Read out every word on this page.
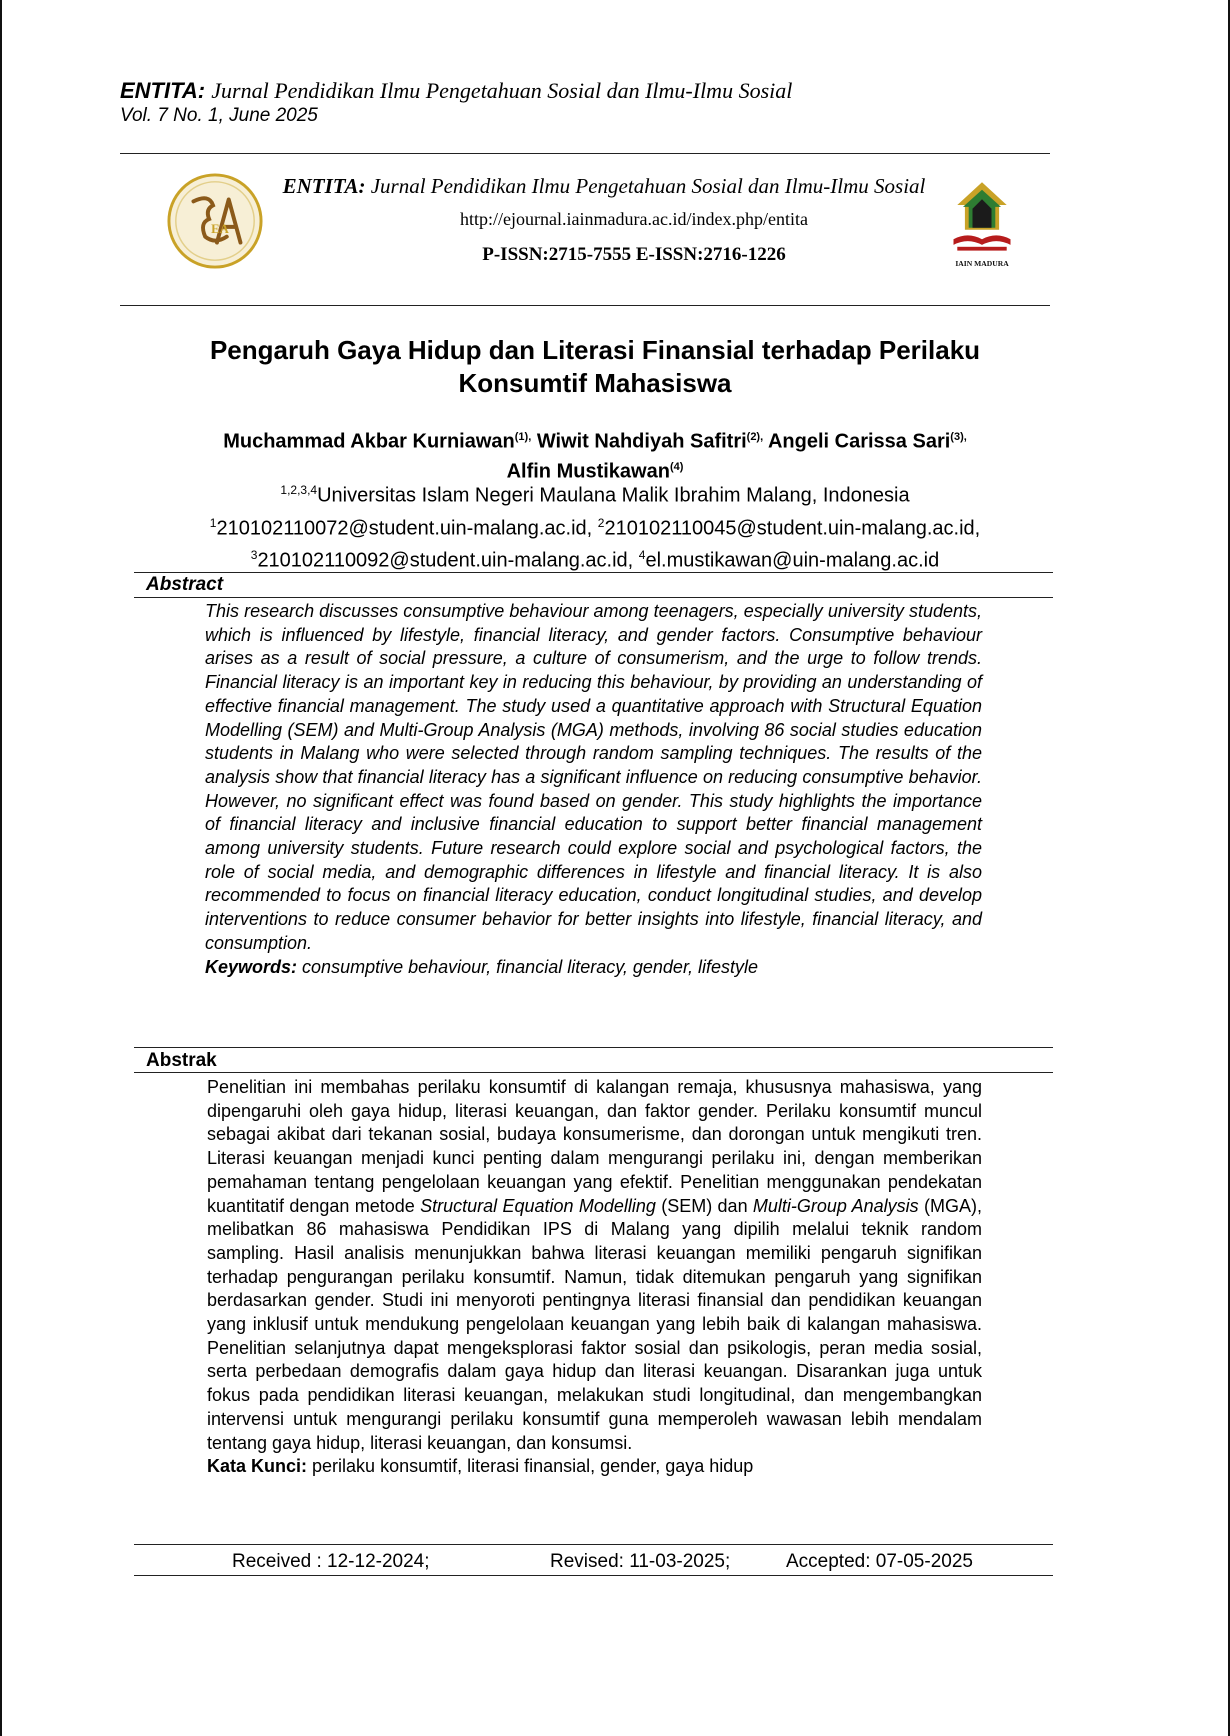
ENTITA: Jurnal Pendidikan Ilmu Pengetahuan Sosial dan Ilmu-Ilmu Sosial
Vol. 7 No. 1, June 2025
EA
ENTITA: Jurnal Pendidikan Ilmu Pengetahuan Sosial dan Ilmu-Ilmu Sosial
http://ejournal.iainmadura.ac.id/index.php/entita
P-ISSN:2715-7555 E-ISSN:2716-1226	IAIN MADURA
Pengaruh Gaya Hidup dan Literasi Finansial terhadap Perilaku
Konsumtif Mahasiswa
Muchammad Akbar Kurniawan$^{(1),}$ Wiwit Nahdiyah Safitri$^{(2),}$ Angeli Carissa Sari$^{(3),}$
Alfin Mustikawan$^{(4)}$
$^{1,2,3,4}$Universitas Islam Negeri Maulana Malik Ibrahim Malang, Indonesia
$^1$210102110072@student.uin-malang.ac.id, $^2$210102110045@student.uin-malang.ac.id,
$^3$210102110092@student.uin-malang.ac.id, $^4$el.mustikawan@uin-malang.ac.id
Abstract
This research discusses consumptive behaviour among teenagers, especially university students, which is influenced by lifestyle, financial literacy, and gender factors. Consumptive behaviour arises as a result of social pressure, a culture of consumerism, and the urge to follow trends. Financial literacy is an important key in reducing this behaviour, by providing an understanding of effective financial management. The study used a quantitative approach with Structural Equation Modelling (SEM) and Multi-Group Analysis (MGA) methods, involving 86 social studies education students in Malang who were selected through random sampling techniques. The results of the analysis show that financial literacy has a significant influence on reducing consumptive behavior. However, no significant effect was found based on gender. This study highlights the importance of financial literacy and inclusive financial education to support better financial management among university students. Future research could explore social and psychological factors, the role of social media, and demographic differences in lifestyle and financial literacy. It is also recommended to focus on financial literacy education, conduct longitudinal studies, and develop interventions to reduce consumer behavior for better insights into lifestyle, financial literacy, and consumption.

Keywords: consumptive behaviour, financial literacy, gender, lifestyle

Abstrak
Penelitian ini membahas perilaku konsumtif di kalangan remaja, khususnya mahasiswa, yang dipengaruhi oleh gaya hidup, literasi keuangan, dan faktor gender. Perilaku konsumtif muncul sebagai akibat dari tekanan sosial, budaya konsumerisme, dan dorongan untuk mengikuti tren. Literasi keuangan menjadi kunci penting dalam mengurangi perilaku ini, dengan memberikan pemahaman tentang pengelolaan keuangan yang efektif. Penelitian menggunakan pendekatan kuantitatif dengan metode Structural Equation Modelling (SEM) dan Multi-Group Analysis (MGA), melibatkan 86 mahasiswa Pendidikan IPS di Malang yang dipilih melalui teknik random sampling. Hasil analisis menunjukkan bahwa literasi keuangan memiliki pengaruh signifikan terhadap pengurangan perilaku konsumtif. Namun, tidak ditemukan pengaruh yang signifikan berdasarkan gender. Studi ini menyoroti pentingnya literasi finansial dan pendidikan keuangan yang inklusif untuk mendukung pengelolaan keuangan yang lebih baik di kalangan mahasiswa. Penelitian selanjutnya dapat mengeksplorasi faktor sosial dan psikologis, peran media sosial, serta perbedaan demografis dalam gaya hidup dan literasi keuangan. Disarankan juga untuk fokus pada pendidikan literasi keuangan, melakukan studi longitudinal, dan mengembangkan intervensi untuk mengurangi perilaku konsumtif guna memperoleh wawasan lebih mendalam tentang gaya hidup, literasi keuangan, dan konsumsi.

Kata Kunci: perilaku konsumtif, literasi finansial, gender, gaya hidup

Received : 12-12-2024;	Revised: 11-03-2025;	Accepted: 07-05-2025
